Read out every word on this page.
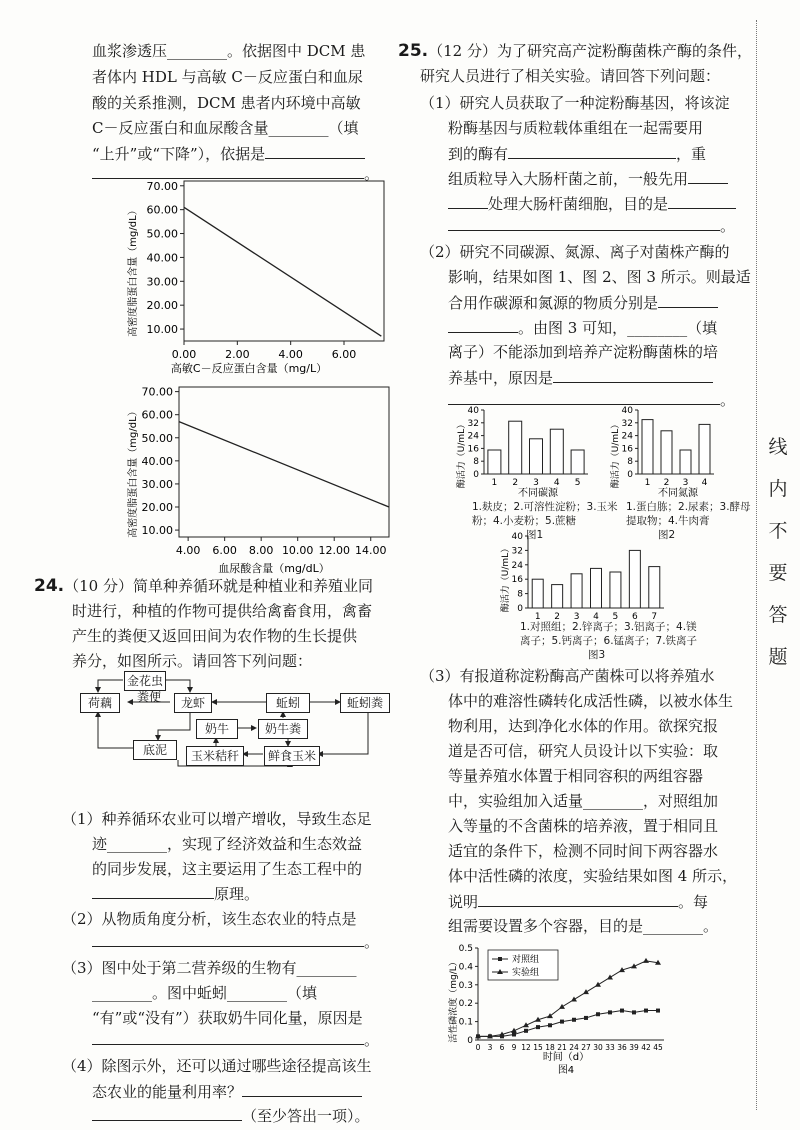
血浆渗透压________。依据图中 DCM 患
者体内 HDL 与高敏 C－反应蛋白和血尿
酸的关系推测，DCM 患者内环境中高敏
C－反应蛋白和血尿酸含量________（填
“上升”或“下降”），依据是
。
高密度脂蛋白含量（mg/dL） 10.00
20.00
30.00
40.00
50.00
60.00
70.00
0.00	2.00	4.00	6.00
高敏C－反应蛋白含量（mg/L）
高密度脂蛋白含量（mg/dL） 10.00
20.00
30.00
40.00
50.00
60.00
70.00
4.00 6.00 8.00 10.00 12.00 14.00
血尿酸含量（mg/dL）
24.（10 分）简单种养循环就是种植业和养殖业同
时进行，种植的作物可提供给禽畜食用，禽畜
产生的粪便又返回田间为农作物的生长提供
养分，如图所示。请回答下列问题：
金花虫
荷藕	粪便	龙虾	蚯蚓	蚯蚓粪
奶牛	奶牛粪
底泥	玉米秸秆	鲜食玉米
（1）种养循环农业可以增产增收，导致生态足
迹________，实现了经济效益和生态效益
的同步发展，这主要运用了生态工程中的
原理。
（2）从物质角度分析，该生态农业的特点是
。
（3）图中处于第二营养级的生物有________
________。图中蚯蚓________（填
“有”或“没有”）获取奶牛同化量，原因是
。
（4）除图示外，还可以通过哪些途径提高该生
态农业的能量利用率？
（至少答出一项）。
25.（12 分）为了研究高产淀粉酶菌株产酶的条件，
研究人员进行了相关实验。请回答下列问题：
（1）研究人员获取了一种淀粉酶基因，将该淀
粉酶基因与质粒载体重组在一起需要用
到的酶有	，重
组质粒导入大肠杆菌之前，一般先用
处理大肠杆菌细胞，目的是
。
（2）研究不同碳源、氮源、离子对菌株产酶的
影响，结果如图 1、图 2、图 3 所示。则最适
合用作碳源和氮源的物质分别是
。由图 3 可知，________（填
离子）不能添加到培养产淀粉酶菌株的培
养基中，原因是
。
酶活力（U/mL） 0
8
16
24
32
40
1 2 3 4 5
不同碳源
1.麸皮；2.可溶性淀粉；3.玉米
粉；4.小麦粉；5.蔗糖
图1
酶活力（U/mL） 0
8
16
24
32
40
1 2 3 4
不同氮源
1.蛋白胨；2.尿素；3.酵母
提取物；4.牛肉膏
图2
酶活力（U/mL） 0
8
16
24
32
40
1 2 3 4 5 6 7
1.对照组；2.锌离子；3.铝离子；4.镁
离子；5.钙离子；6.锰离子；7.铁离子
图3
（3）有报道称淀粉酶高产菌株可以将养殖水
体中的难溶性磷转化成活性磷，以被水体生
物利用，达到净化水体的作用。欲探究报
道是否可信，研究人员设计以下实验：取
等量养殖水体置于相同容积的两组容器
中，实验组加入适量________，对照组加
入等量的不含菌株的培养液，置于相同且
适宜的条件下，检测不同时间下两容器水
体中活性磷的浓度，实验结果如图 4 所示，
说明	。每
组需要设置多个容器，目的是________。
活性磷浓度（mg/L） 0
0.1
0.2
0.3
0.4
0.5
0 3 6 9 12 15 18 21 24 27 30 33 36 39 42 45
对照组
实验组
时间（d）
图4
线
内
不
要
答
题
